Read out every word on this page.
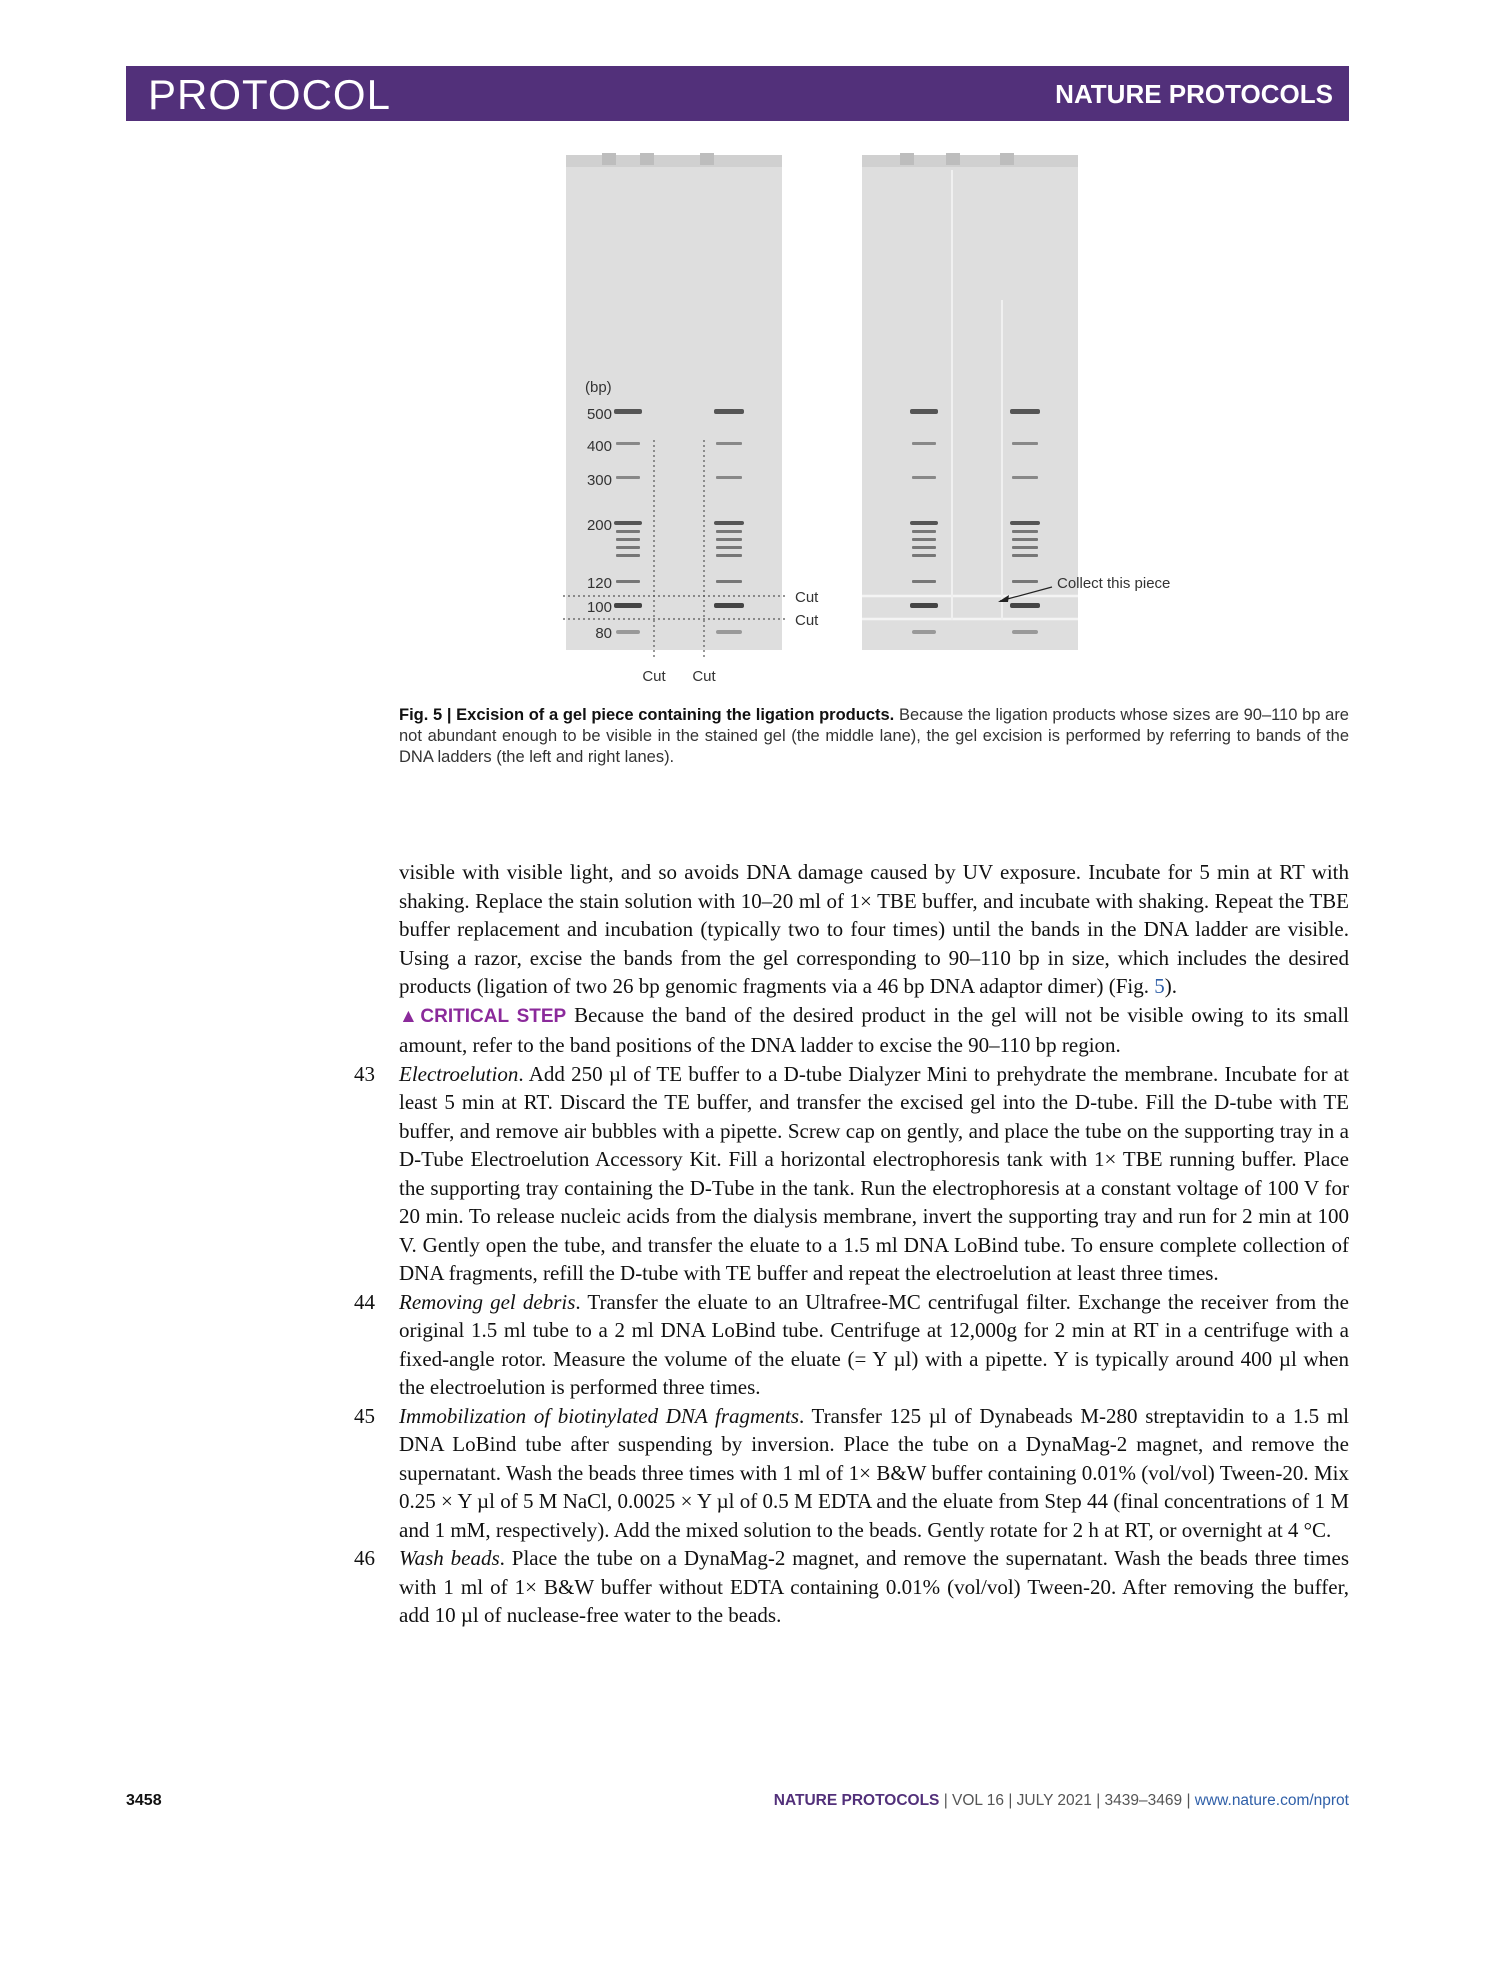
PROTOCOL	NATURE PROTOCOLS
(bp)
500
400
300
200
120
100
80
Cut
Cut
Cut Cut
Collect this piece
Fig. 5 | Excision of a gel piece containing the ligation products. Because the ligation products whose sizes are 90–110 bp are not abundant enough to be visible in the stained gel (the middle lane), the gel excision is performed by referring to bands of the DNA ladders (the left and right lanes).

visible with visible light, and so avoids DNA damage caused by UV exposure. Incubate for 5 min at RT with shaking. Replace the stain solution with 10–20 ml of 1× TBE buffer, and incubate with shaking. Repeat the TBE buffer replacement and incubation (typically two to four times) until the bands in the DNA ladder are visible. Using a razor, excise the bands from the gel corresponding to 90–110 bp in size, which includes the desired products (ligation of two 26 bp genomic fragments via a 46 bp DNA adaptor dimer) (Fig. 5).

▲CRITICAL STEP Because the band of the desired product in the gel will not be visible owing to its small amount, refer to the band positions of the DNA ladder to excise the 90–110 bp region.

43	Electroelution. Add 250 µl of TE buffer to a D-tube Dialyzer Mini to prehydrate the membrane. Incubate for at least 5 min at RT. Discard the TE buffer, and transfer the excised gel into the D-tube. Fill the D-tube with TE buffer, and remove air bubbles with a pipette. Screw cap on gently, and place the tube on the supporting tray in a D-Tube Electroelution Accessory Kit. Fill a horizontal electrophoresis tank with 1× TBE running buffer. Place the supporting tray containing the D-Tube in the tank. Run the electrophoresis at a constant voltage of 100 V for 20 min. To release nucleic acids from the dialysis membrane, invert the supporting tray and run for 2 min at 100 V. Gently open the tube, and transfer the eluate to a 1.5 ml DNA LoBind tube. To ensure complete collection of DNA fragments, refill the D-tube with TE buffer and repeat the electroelution at least three times.

44	Removing gel debris. Transfer the eluate to an Ultrafree-MC centrifugal filter. Exchange the receiver from the original 1.5 ml tube to a 2 ml DNA LoBind tube. Centrifuge at 12,000g for 2 min at RT in a centrifuge with a fixed-angle rotor. Measure the volume of the eluate (= Y µl) with a pipette. Y is typically around 400 µl when the electroelution is performed three times.

45	Immobilization of biotinylated DNA fragments. Transfer 125 µl of Dynabeads M-280 streptavidin to a 1.5 ml DNA LoBind tube after suspending by inversion. Place the tube on a DynaMag-2 magnet, and remove the supernatant. Wash the beads three times with 1 ml of 1× B&W buffer containing 0.01% (vol/vol) Tween-20. Mix 0.25 × Y µl of 5 M NaCl, 0.0025 × Y µl of 0.5 M EDTA and the eluate from Step 44 (final concentrations of 1 M and 1 mM, respectively). Add the mixed solution to the beads. Gently rotate for 2 h at RT, or overnight at 4 °C.

46	Wash beads. Place the tube on a DynaMag-2 magnet, and remove the supernatant. Wash the beads three times with 1 ml of 1× B&W buffer without EDTA containing 0.01% (vol/vol) Tween-20. After removing the buffer, add 10 µl of nuclease-free water to the beads.

3458	NATURE PROTOCOLS | VOL 16 | JULY 2021 | 3439–3469 | www.nature.com/nprot
